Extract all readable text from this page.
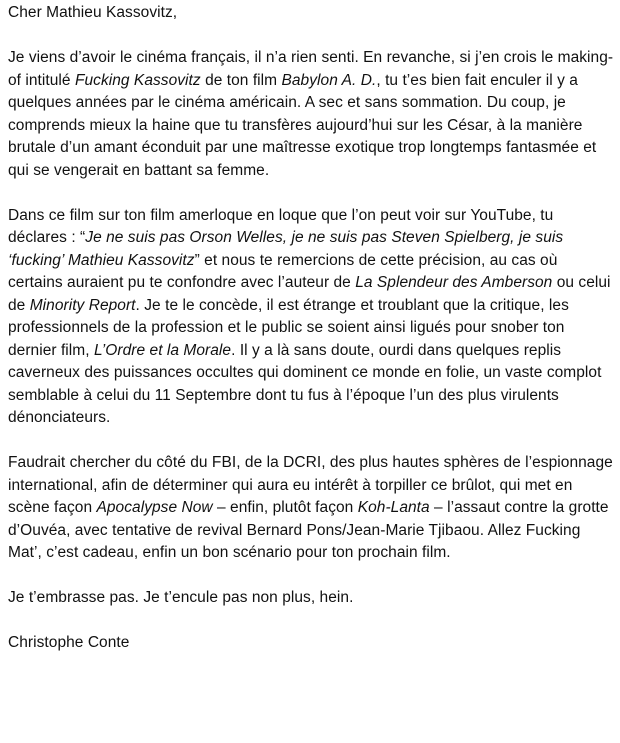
Cher Mathieu Kassovitz,

Je viens d’avoir le cinéma français, il n’a rien senti. En revanche, si j’en crois le making-of intitulé Fucking Kassovitz de ton film Babylon A. D., tu t’es bien fait enculer il y a quelques années par le cinéma américain. A sec et sans sommation. Du coup, je comprends mieux la haine que tu transfères aujourd’hui sur les César, à la manière brutale d’un amant éconduit par une maîtresse exotique trop longtemps fantasmée et qui se vengerait en battant sa femme.

Dans ce film sur ton film amerloque en loque que l’on peut voir sur YouTube, tu déclares : “Je ne suis pas Orson Welles, je ne suis pas Steven Spielberg, je suis ‘fucking’ Mathieu Kassovitz” et nous te remercions de cette précision, au cas où certains auraient pu te confondre avec l’auteur de La Splendeur des Amberson ou celui de Minority Report. Je te le concède, il est étrange et troublant que la critique, les professionnels de la profession et le public se soient ainsi ligués pour snober ton dernier film, L’Ordre et la Morale. Il y a là sans doute, ourdi dans quelques replis caverneux des puissances occultes qui dominent ce monde en folie, un vaste complot semblable à celui du 11 Septembre dont tu fus à l’époque l’un des plus virulents dénonciateurs.

Faudrait chercher du côté du FBI, de la DCRI, des plus hautes sphères de l’espionnage international, afin de déterminer qui aura eu intérêt à torpiller ce brûlot, qui met en scène façon Apocalypse Now – enfin, plutôt façon Koh-Lanta – l’assaut contre la grotte d’Ouvéa, avec tentative de revival Bernard Pons/Jean-Marie Tjibaou. Allez Fucking Mat’, c’est cadeau, enfin un bon scénario pour ton prochain film.

Je t’embrasse pas. Je t’encule pas non plus, hein.

Christophe Conte
